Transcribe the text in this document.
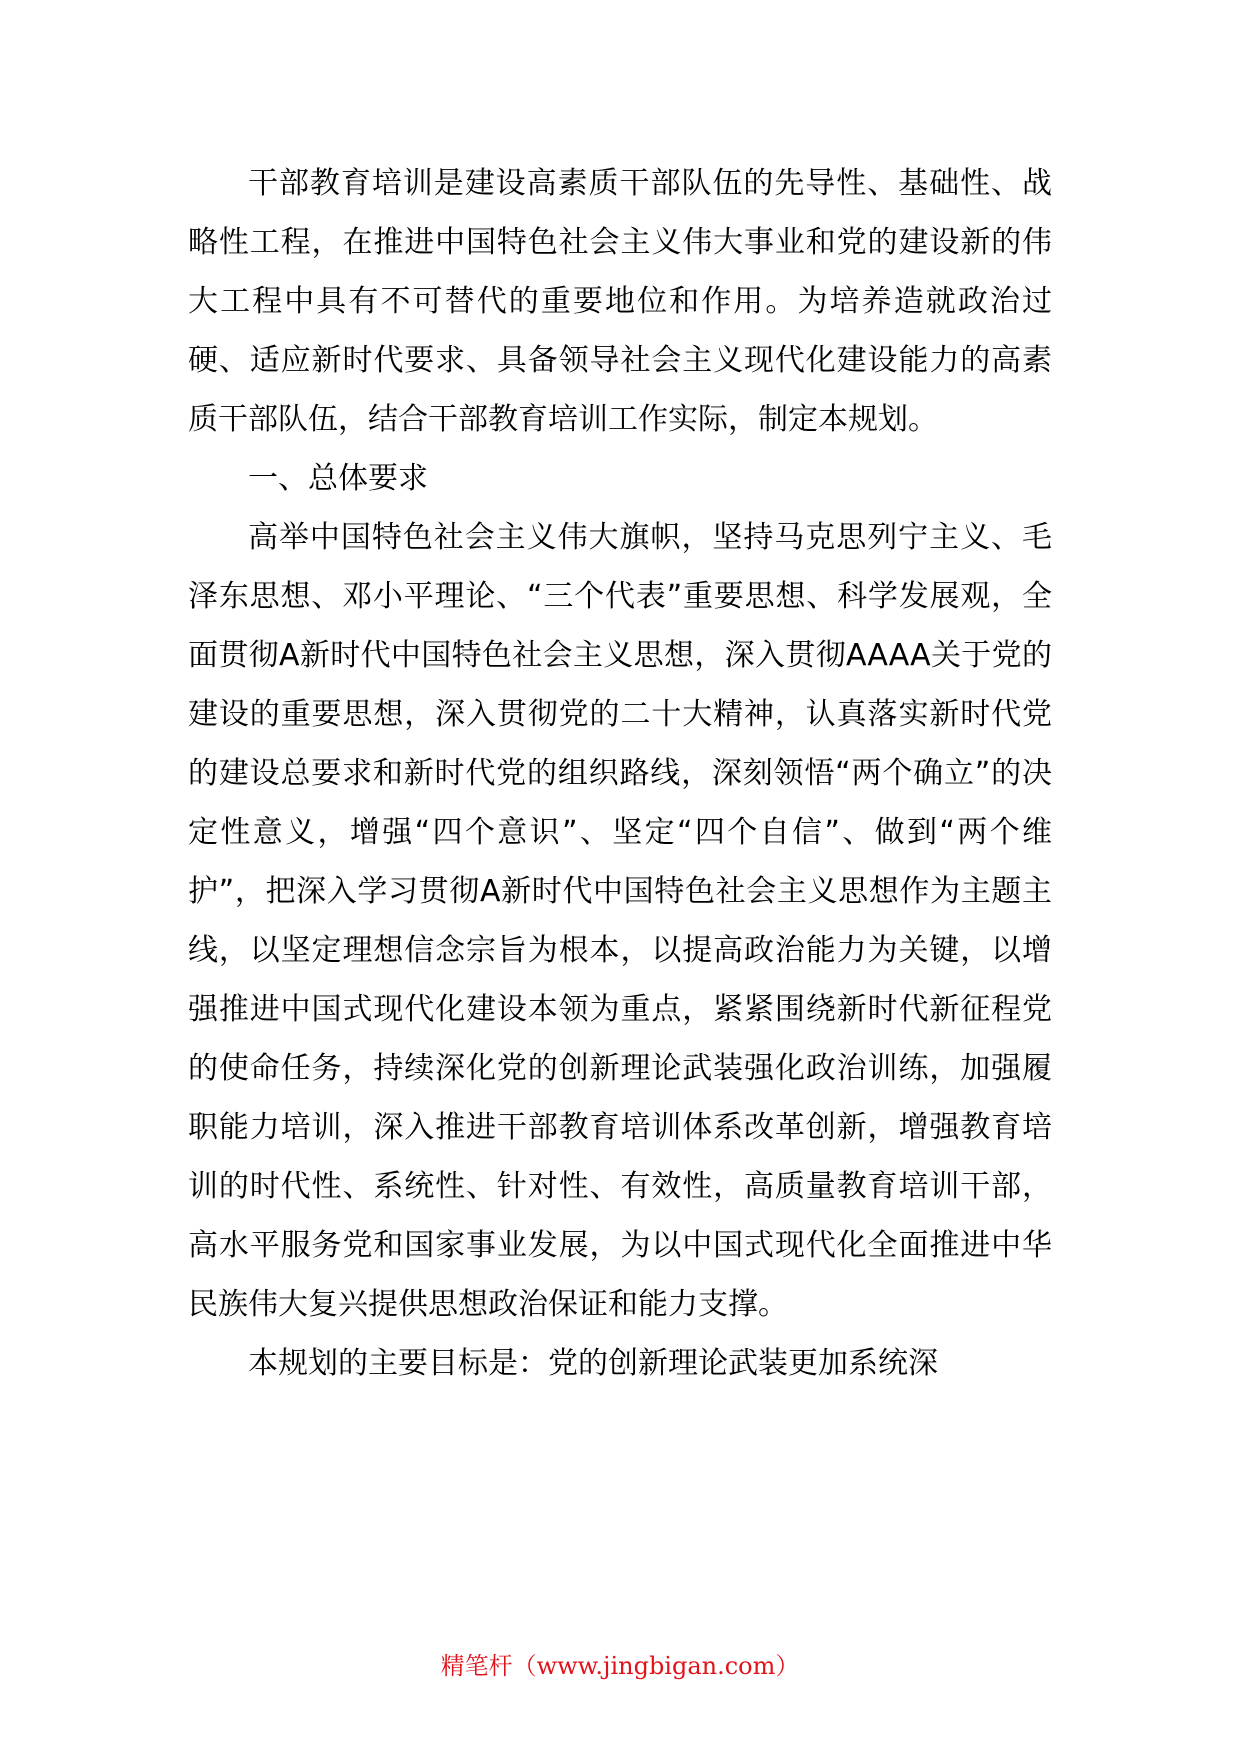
干部教育培训是建设高素质干部队伍的先导性、基础性、战略性工程，在推进中国特色社会主义伟大事业和党的建设新的伟大工程中具有不可替代的重要地位和作用。为培养造就政治过硬、适应新时代要求、具备领导社会主义现代化建设能力的高素质干部队伍，结合干部教育培训工作实际，制定本规划。

一、总体要求

高举中国特色社会主义伟大旗帜，坚持马克思列宁主义、毛泽东思想、邓小平理论、“三个代表”重要思想、科学发展观，全面贯彻A新时代中国特色社会主义思想，深入贯彻AAAA关于党的建设的重要思想，深入贯彻党的二十大精神，认真落实新时代党的建设总要求和新时代党的组织路线，深刻领悟“两个确立”的决定性意义，增强“四个意识”、坚定“四个自信”、做到“两个维护”，把深入学习贯彻A新时代中国特色社会主义思想作为主题主线，以坚定理想信念宗旨为根本，以提高政治能力为关键，以增强推进中国式现代化建设本领为重点，紧紧围绕新时代新征程党的使命任务，持续深化党的创新理论武装强化政治训练，加强履职能力培训，深入推进干部教育培训体系改革创新，增强教育培训的时代性、系统性、针对性、有效性，高质量教育培训干部，高水平服务党和国家事业发展，为以中国式现代化全面推进中华民族伟大复兴提供思想政治保证和能力支撑。

本规划的主要目标是：党的创新理论武装更加系统深

精笔杆（www.jingbigan.com）
